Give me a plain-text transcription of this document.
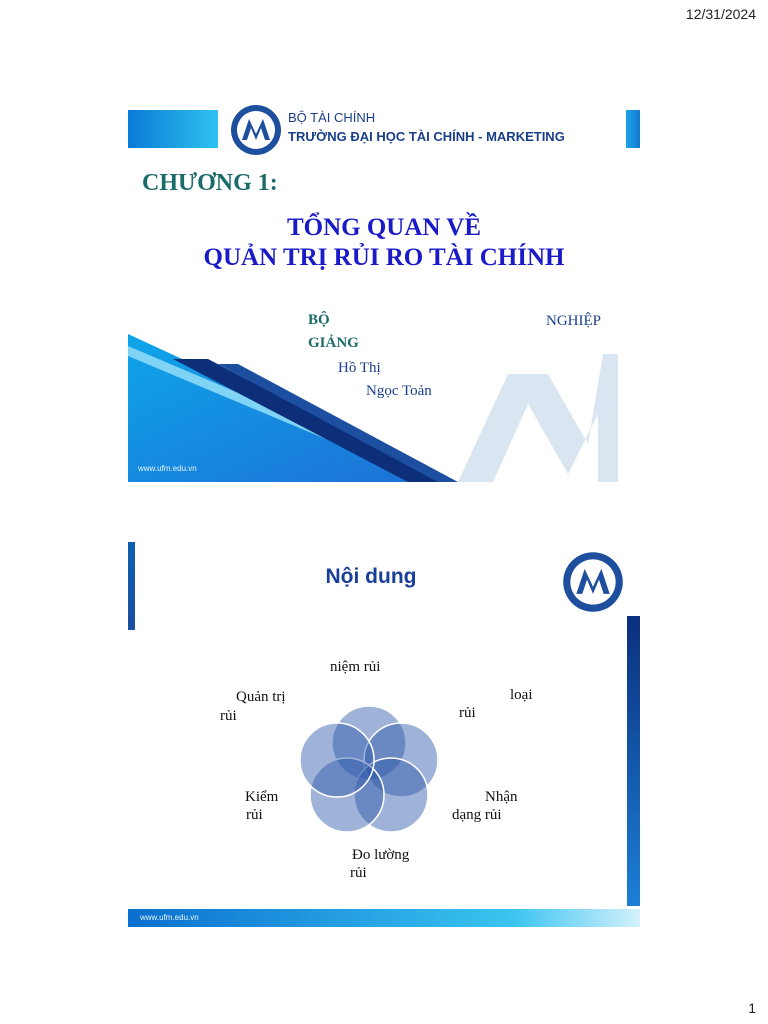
12/31/2024
BỘ TÀI CHÍNH
TRƯỜNG ĐẠI HỌC TÀI CHÍNH - MARKETING
CHƯƠNG 1:
TỔNG QUAN VỀ
QUẢN TRỊ RỦI RO TÀI CHÍNH
BỘ
GIẢNG
Hồ Thị
Ngọc Toản
NGHIỆP
www.ufm.edu.vn
Nội dung
niệm rủi
loại
rủi
Nhận
dạng rủi
Đo lường
rủi
Kiểm
rủi
Quản trị
rủi
www.ufm.edu.vn
1
